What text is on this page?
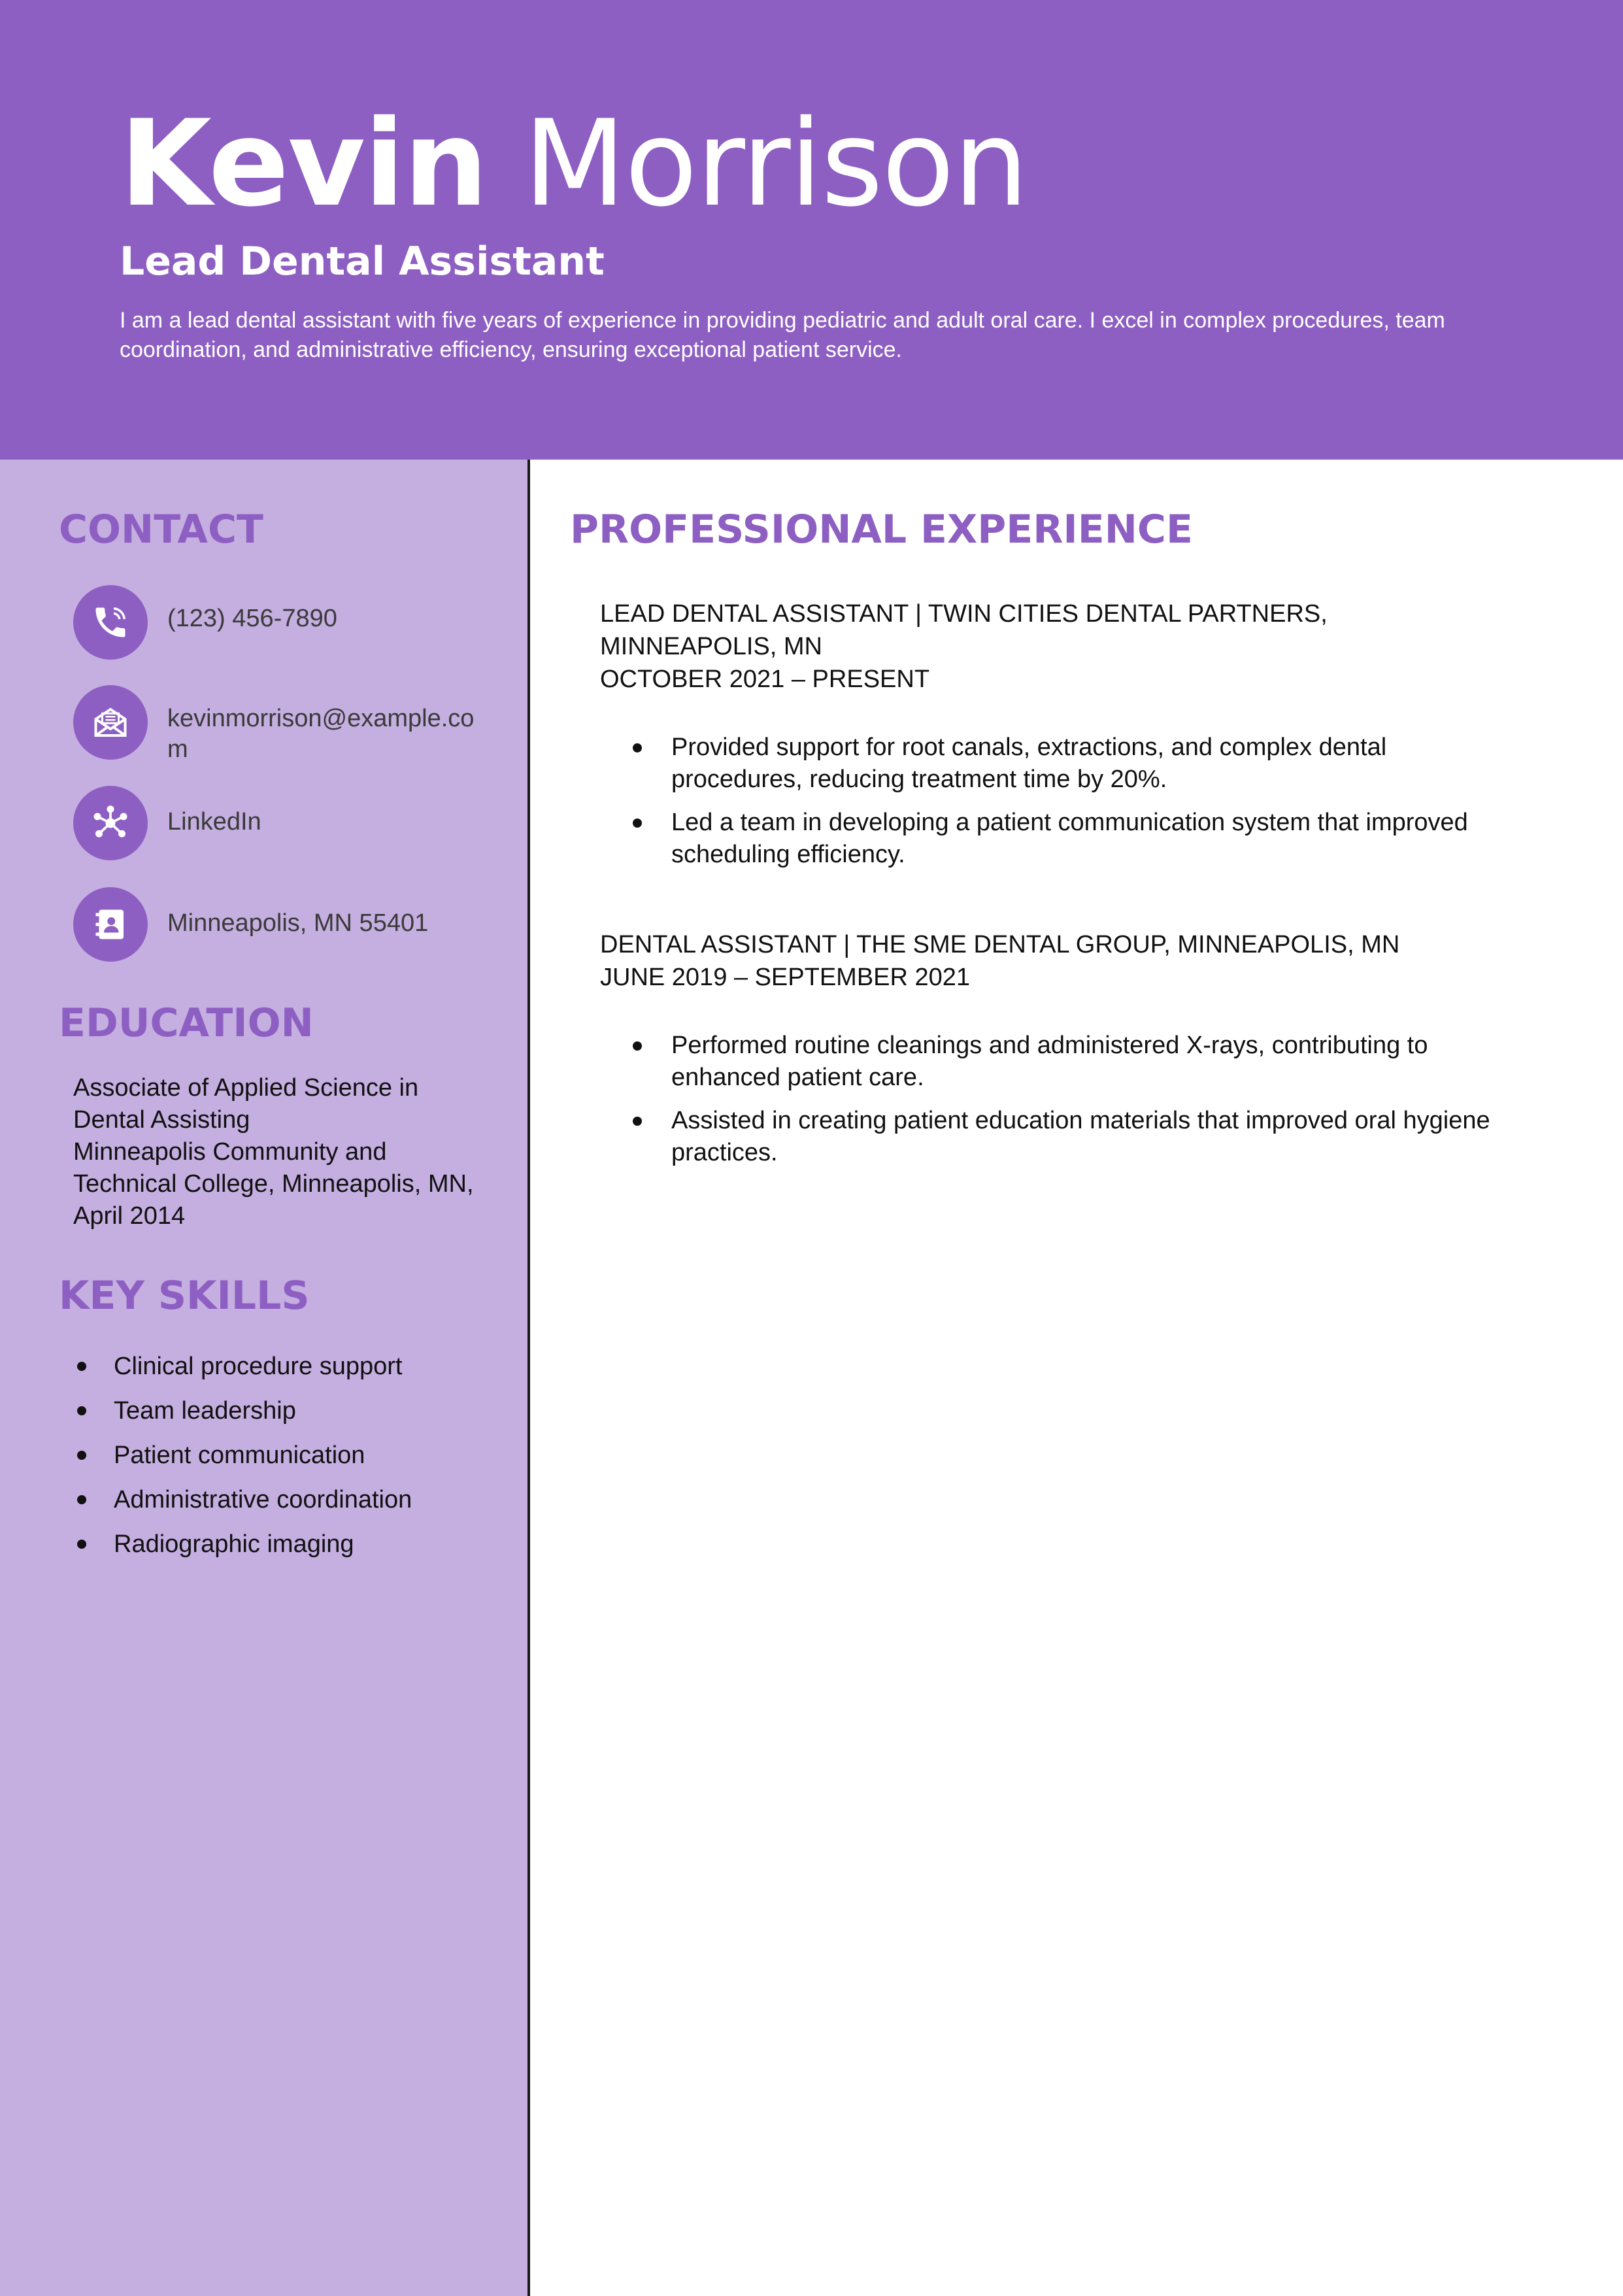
Kevin Morrison
Lead Dental Assistant
I am a lead dental assistant with five years of experience in providing pediatric and adult oral care. I excel in complex procedures, team coordination, and administrative efficiency, ensuring exceptional patient service.
CONTACT
(123) 456-7890
kevinmorrison@example.com
LinkedIn
Minneapolis, MN 55401
EDUCATION
Associate of Applied Science in Dental Assisting
Minneapolis Community and Technical College, Minneapolis, MN, April 2014
KEY SKILLS
Clinical procedure support
Team leadership
Patient communication
Administrative coordination
Radiographic imaging
PROFESSIONAL EXPERIENCE
LEAD DENTAL ASSISTANT | TWIN CITIES DENTAL PARTNERS, MINNEAPOLIS, MN
OCTOBER 2021 – PRESENT
Provided support for root canals, extractions, and complex dental procedures, reducing treatment time by 20%.
Led a team in developing a patient communication system that improved scheduling efficiency.
DENTAL ASSISTANT | THE SME DENTAL GROUP, MINNEAPOLIS, MN
JUNE 2019 – SEPTEMBER 2021
Performed routine cleanings and administered X-rays, contributing to enhanced patient care.
Assisted in creating patient education materials that improved oral hygiene practices.
